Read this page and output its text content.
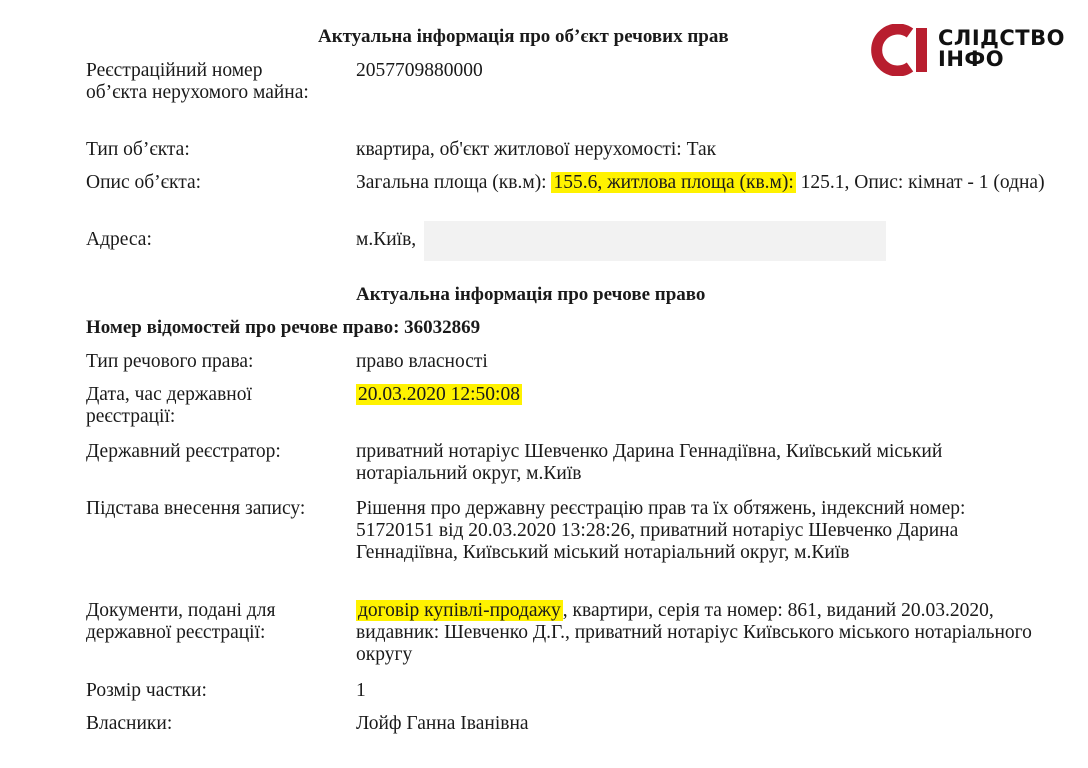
СЛІДСТВО
ІНФО
Актуальна інформація про об’єкт речових прав
Реєстраційний номер об’єкта нерухомого майна:
2057709880000
Тип об’єкта:	квартира, об'єкт житлової нерухомості: Так
Опис об’єкта:	Загальна площа (кв.м): 155.6, житлова площа (кв.м): 125.1, Опис: кімнат - 1 (одна)
Адреса:	м.Київ,
Актуальна інформація про речове право
Номер відомостей про речове право: 36032869
Тип речового права:	право власності
Дата, час державної реєстрації:
20.03.2020 12:50:08
Державний реєстратор:	приватний нотаріус Шевченко Дарина Геннадіївна, Київський міський нотаріальний округ, м.Київ
Підстава внесення запису:	Рішення про державну реєстрацію прав та їх обтяжень, індексний номер: 51720151 від 20.03.2020 13:28:26, приватний нотаріус Шевченко Дарина Геннадіївна, Київський міський нотаріальний округ, м.Київ
Документи, подані для державної реєстрації:
договір купівлі-продажу , квартири, серія та номер: 861, виданий 20.03.2020, видавник: Шевченко Д.Г., приватний нотаріус Київського міського нотаріального округу
Розмір частки:	1
Власники:	Лойф Ганна Іванівна
